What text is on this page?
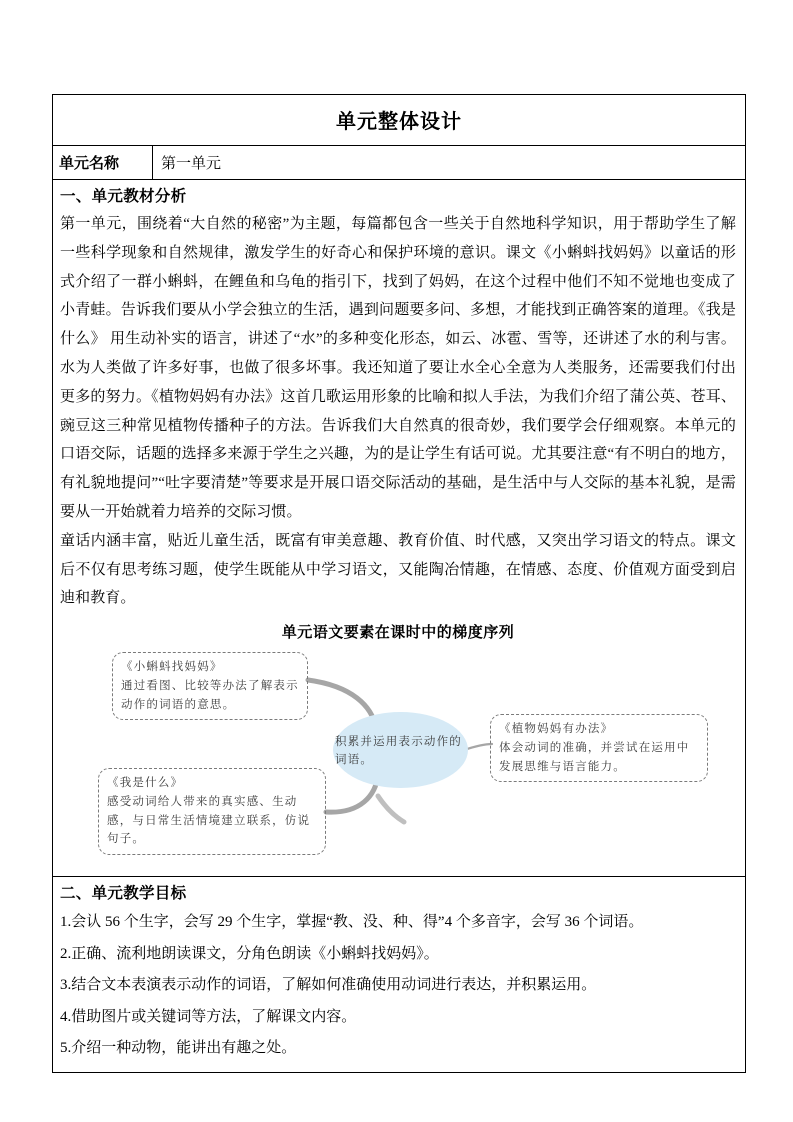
单元整体设计
单元名称	第一单元

一、单元教材分析

第一单元，围绕着“大自然的秘密”为主题，每篇都包含一些关于自然地科学知识，用于帮助学生了解一些科学现象和自然规律，激发学生的好奇心和保护环境的意识。课文《小蝌蚪找妈妈》以童话的形式介绍了一群小蝌蚪，在鲤鱼和乌龟的指引下，找到了妈妈，在这个过程中他们不知不觉地也变成了小青蛙。告诉我们要从小学会独立的生活，遇到问题要多问、多想，才能找到正确答案的道理。《我是什么》 用生动补实的语言，讲述了“水”的多种变化形态，如云、冰雹、雪等，还讲述了水的利与害。水为人类做了许多好事，也做了很多坏事。我还知道了要让水全心全意为人类服务，还需要我们付出更多的努力。《植物妈妈有办法》这首几歌运用形象的比喻和拟人手法，为我们介绍了蒲公英、苍耳、豌豆这三种常见植物传播种子的方法。告诉我们大自然真的很奇妙，我们要学会仔细观察。本单元的口语交际，话题的选择多来源于学生之兴趣，为的是让学生有话可说。尤其要注意“有不明白的地方，有礼貌地提问”“吐字要清楚”等要求是开展口语交际活动的基础，是生活中与人交际的基本礼貌，是需要从一开始就着力培养的交际习惯。

童话内涵丰富，贴近儿童生活，既富有审美意趣、教育价值、时代感，又突出学习语文的特点。课文后不仅有思考练习题，使学生既能从中学习语文，又能陶冶情趣，在情感、态度、价值观方面受到启迪和教育。

单元语文要素在课时中的梯度序列

《小蝌蚪找妈妈》
通过看图、比较等办法了解表示动作的词语的意思。
《我是什么》
感受动词给人带来的真实感、生动感，与日常生活情境建立联系，仿说句子。
《植物妈妈有办法》
体会动词的准确，并尝试在运用中发展思维与语言能力。
积累并运用表示动作的词语。

二、单元教学目标

1.会认 56 个生字，会写 29 个生字，掌握“教、没、种、得”4 个多音字，会写 36 个词语。

2.正确、流利地朗读课文，分角色朗读《小蝌蚪找妈妈》。

3.结合文本表演表示动作的词语，了解如何准确使用动词进行表达，并积累运用。

4.借助图片或关键词等方法，了解课文内容。

5.介绍一种动物，能讲出有趣之处。
